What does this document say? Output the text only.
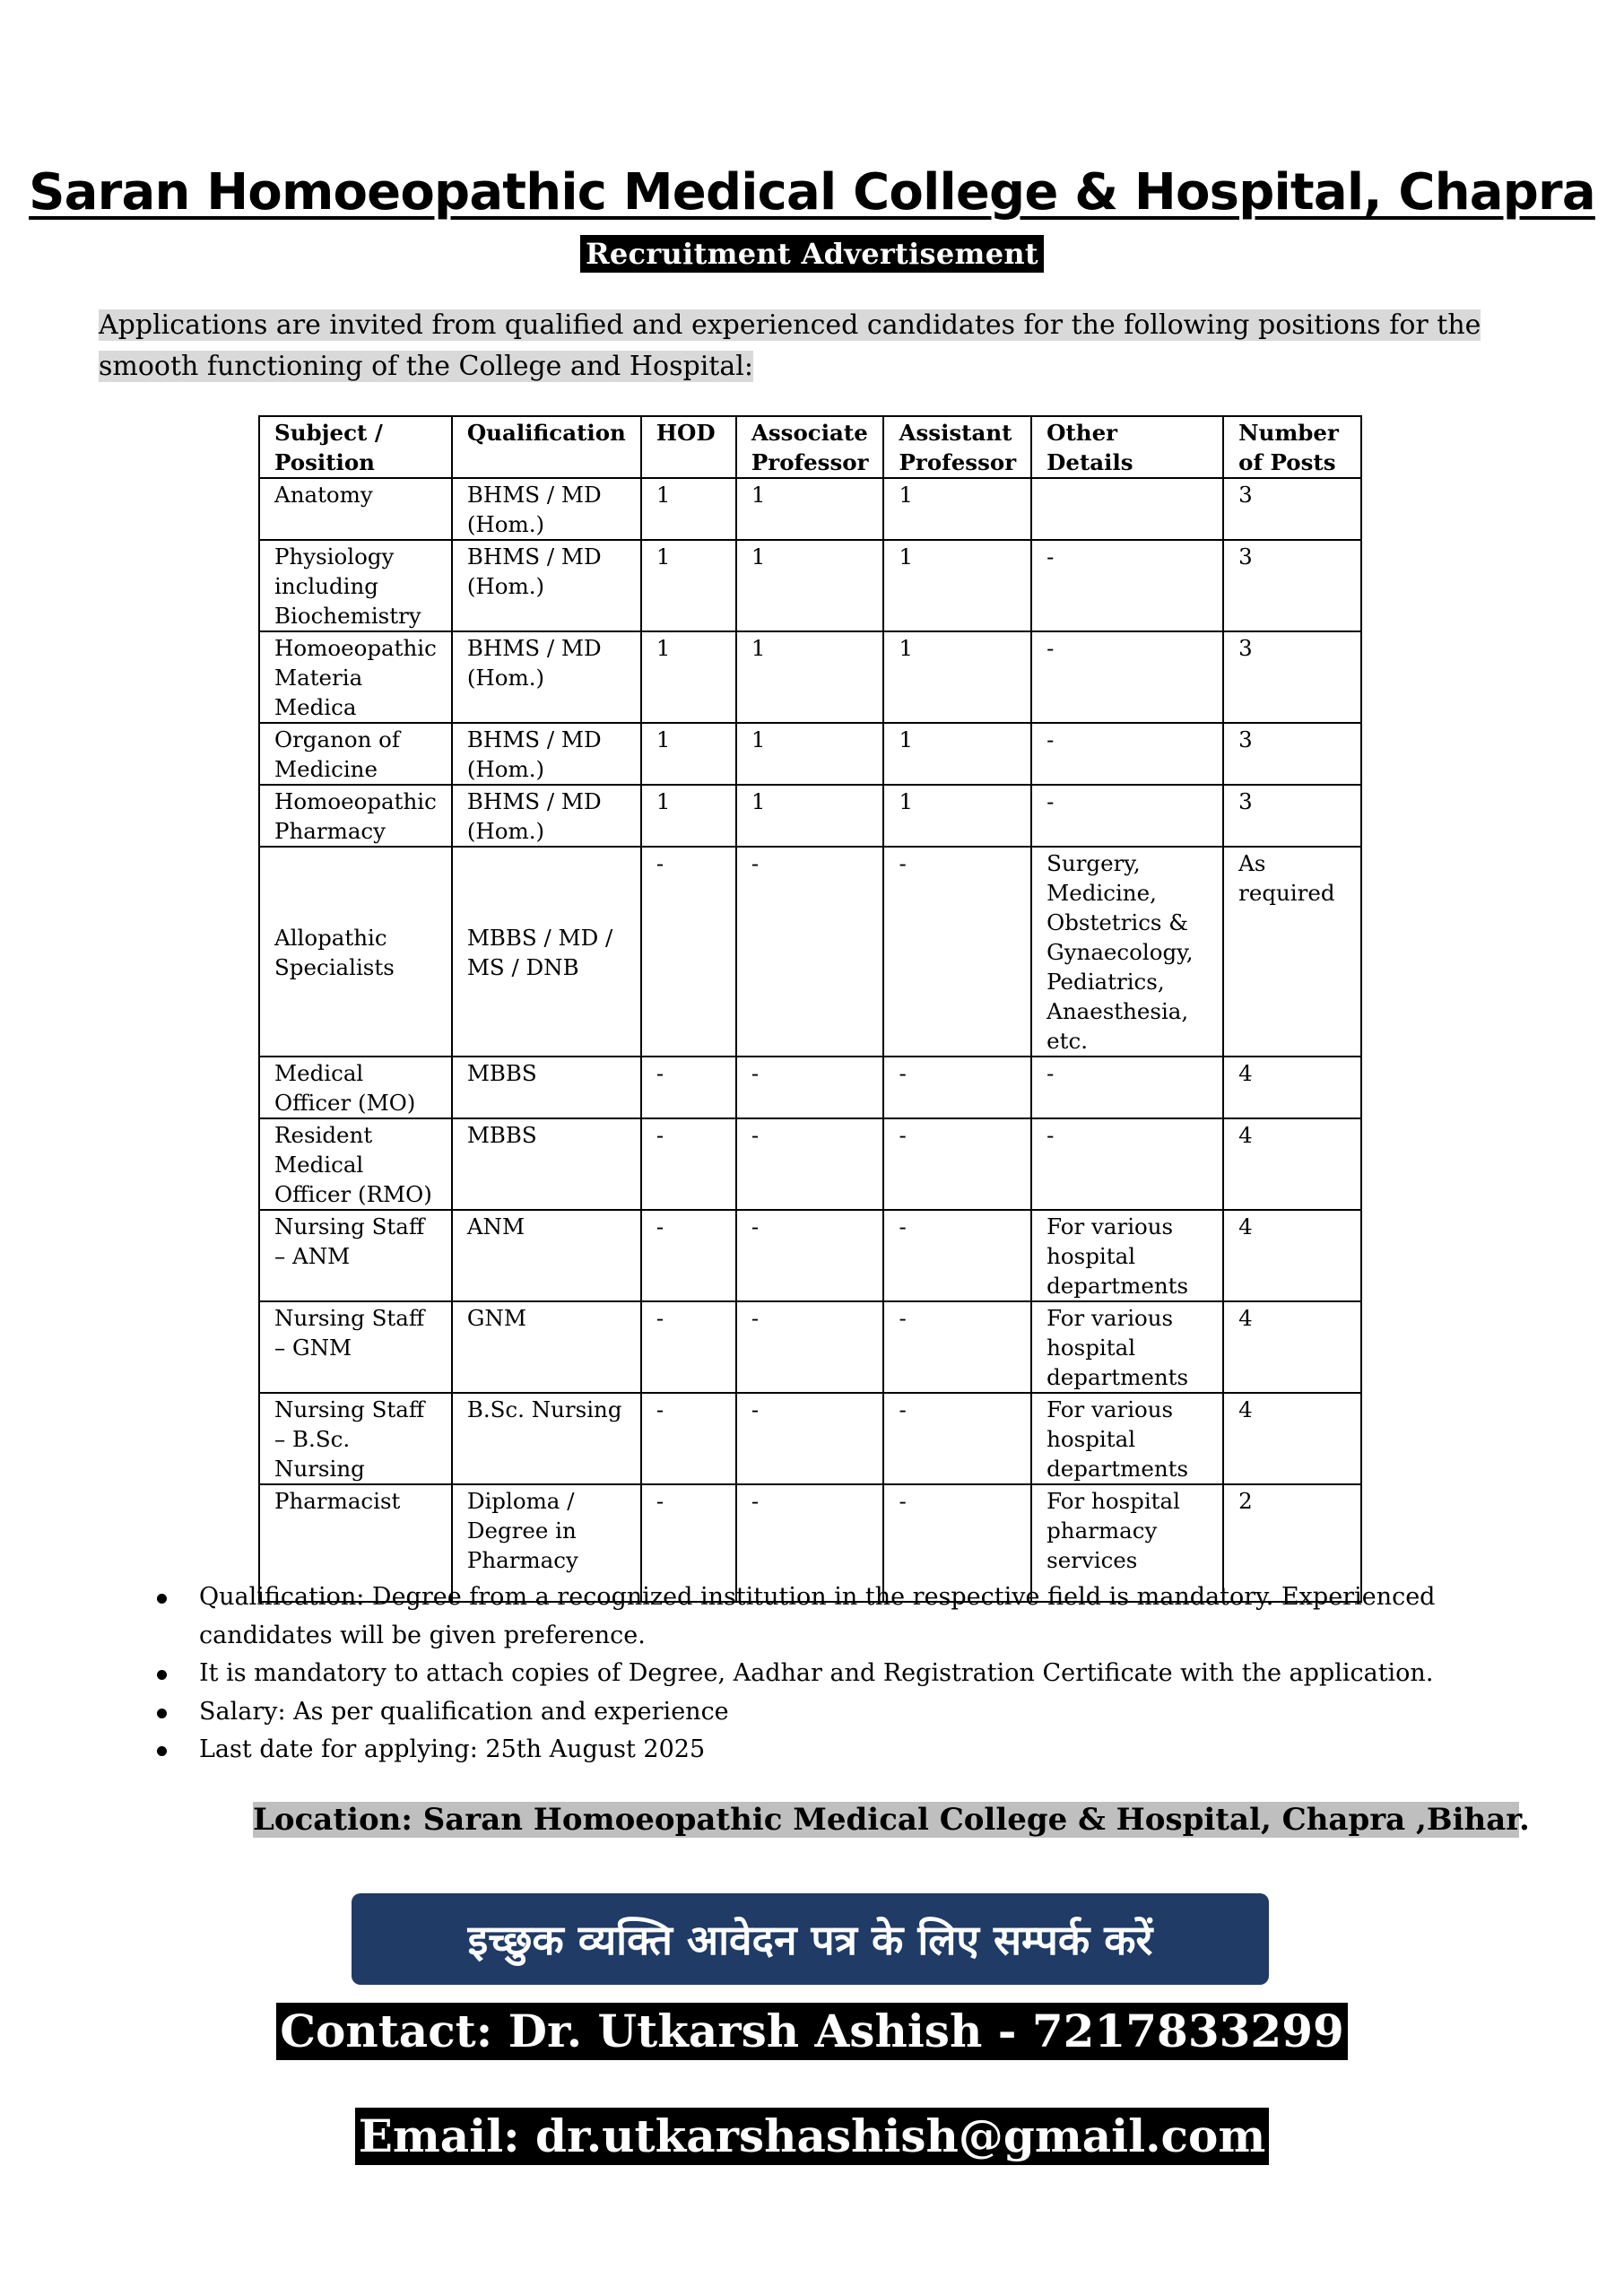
Saran Homoeopathic Medical College & Hospital, Chapra
Recruitment Advertisement
Applications are invited from qualified and experienced candidates for the following positions for the smooth functioning of the College and Hospital:
Subject / Position	Qualification	HOD	Associate Professor	Assistant Professor	Other Details	Number of Posts
Anatomy	BHMS / MD (Hom.)	1	1	1		3
Physiology including Biochemistry	BHMS / MD (Hom.)	1	1	1	-	3
Homoeopathic Materia Medica	BHMS / MD (Hom.)	1	1	1	-	3
Organon of Medicine	BHMS / MD (Hom.)	1	1	1	-	3
Homoeopathic Pharmacy	BHMS / MD (Hom.)	1	1	1	-	3
Allopathic Specialists	MBBS / MD / MS / DNB	-	-	-	Surgery, Medicine, Obstetrics & Gynaecology, Pediatrics, Anaesthesia, etc.	As required
Medical Officer (MO)	MBBS	-	-	-	-	4
Resident Medical Officer (RMO)	MBBS	-	-	-	-	4
Nursing Staff – ANM	ANM	-	-	-	For various hospital departments	4
Nursing Staff – GNM	GNM	-	-	-	For various hospital departments	4
Nursing Staff – B.Sc. Nursing	B.Sc. Nursing	-	-	-	For various hospital departments	4
Pharmacist	Diploma / Degree in Pharmacy	-	-	-	For hospital pharmacy services	2
Qualification: Degree from a recognized institution in the respective field is mandatory. Experienced candidates will be given preference.
It is mandatory to attach copies of Degree, Aadhar and Registration Certificate with the application.
Salary: As per qualification and experience
Last date for applying: 25th August 2025
Location: Saran Homoeopathic Medical College & Hospital, Chapra ,Bihar.
इच्छुक व्यक्ति आवेदन पत्र के लिए सम्पर्क करें
Contact: Dr. Utkarsh Ashish - 7217833299
Email: dr.utkarshashish@gmail.com
